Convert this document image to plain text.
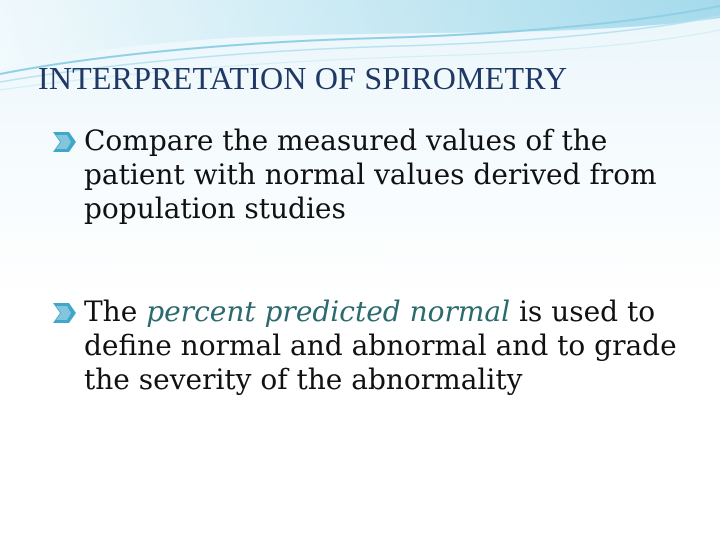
INTERPRETATION OF SPIROMETRY
Compare the measured values of the patient with normal values derived from population studies
The percent predicted normal is used to define normal and abnormal and to grade the severity of the abnormality
